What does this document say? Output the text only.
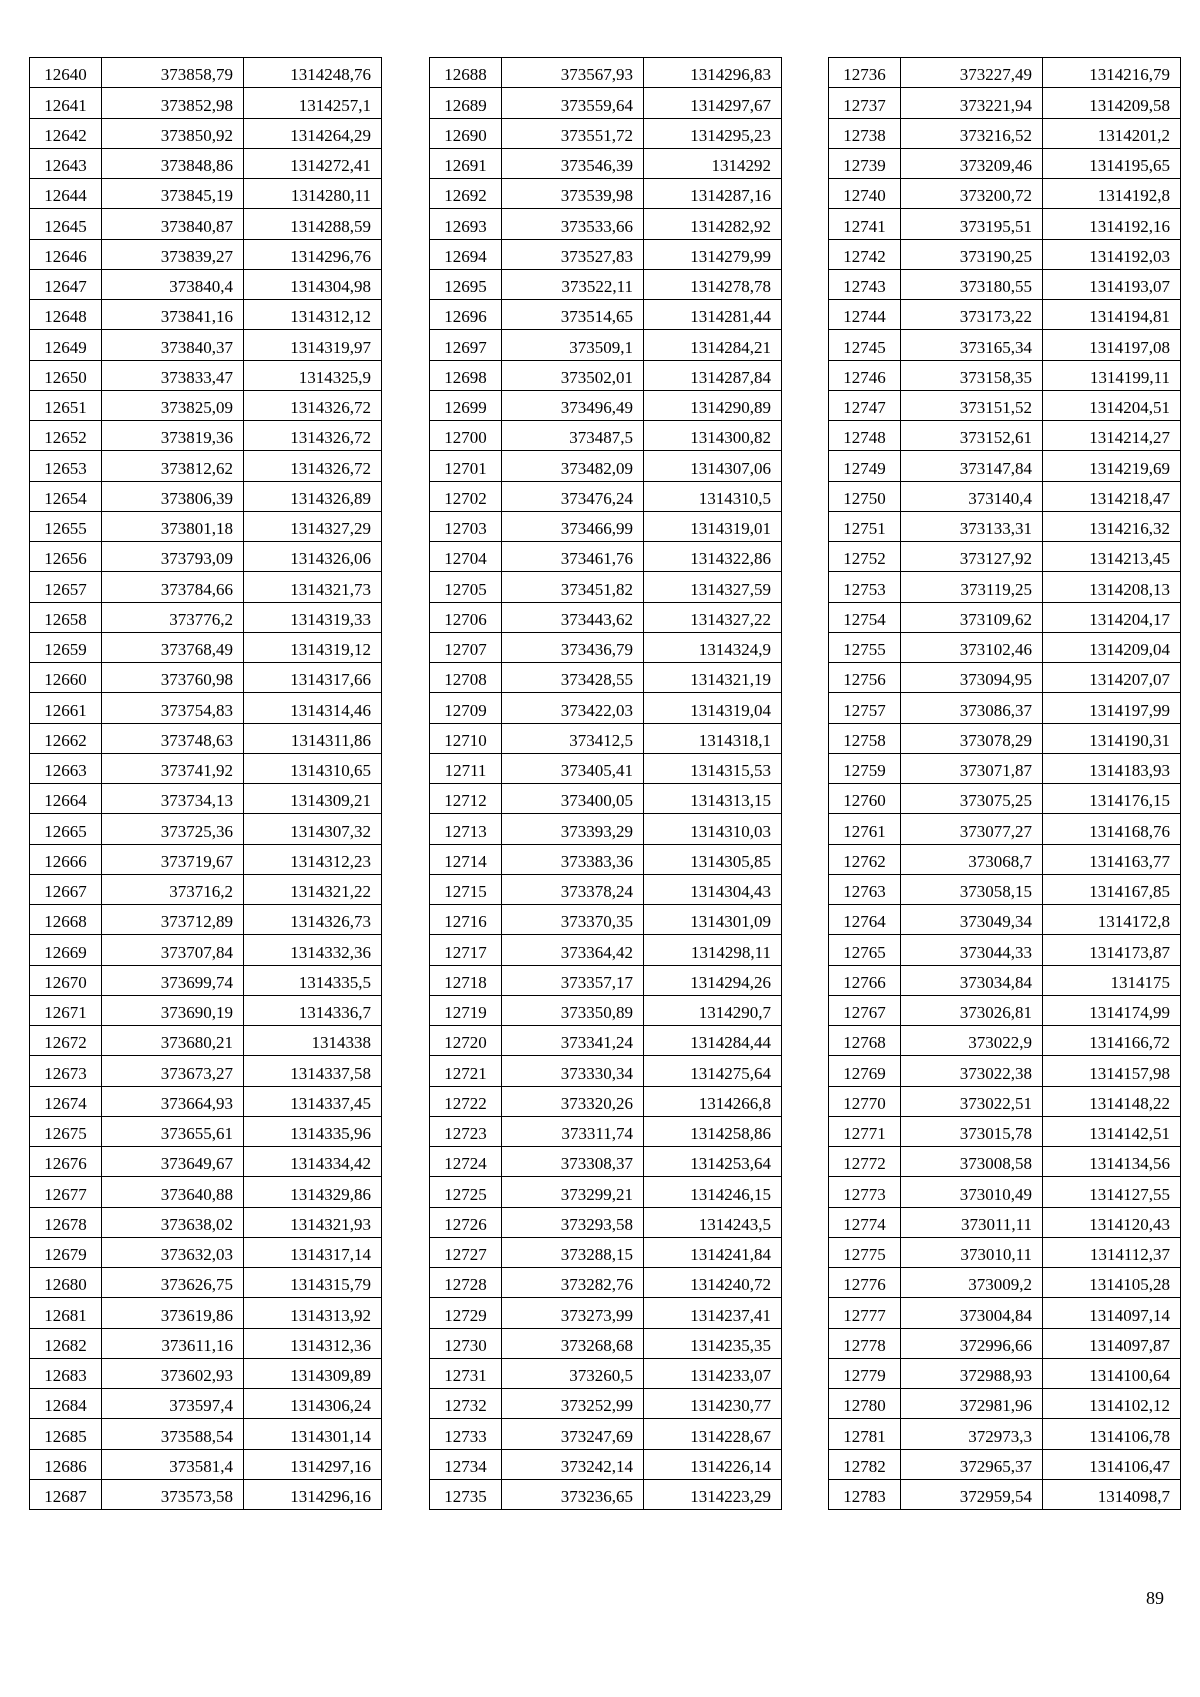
12640	373858,79	1314248,76
12641	373852,98	1314257,1
12642	373850,92	1314264,29
12643	373848,86	1314272,41
12644	373845,19	1314280,11
12645	373840,87	1314288,59
12646	373839,27	1314296,76
12647	373840,4	1314304,98
12648	373841,16	1314312,12
12649	373840,37	1314319,97
12650	373833,47	1314325,9
12651	373825,09	1314326,72
12652	373819,36	1314326,72
12653	373812,62	1314326,72
12654	373806,39	1314326,89
12655	373801,18	1314327,29
12656	373793,09	1314326,06
12657	373784,66	1314321,73
12658	373776,2	1314319,33
12659	373768,49	1314319,12
12660	373760,98	1314317,66
12661	373754,83	1314314,46
12662	373748,63	1314311,86
12663	373741,92	1314310,65
12664	373734,13	1314309,21
12665	373725,36	1314307,32
12666	373719,67	1314312,23
12667	373716,2	1314321,22
12668	373712,89	1314326,73
12669	373707,84	1314332,36
12670	373699,74	1314335,5
12671	373690,19	1314336,7
12672	373680,21	1314338
12673	373673,27	1314337,58
12674	373664,93	1314337,45
12675	373655,61	1314335,96
12676	373649,67	1314334,42
12677	373640,88	1314329,86
12678	373638,02	1314321,93
12679	373632,03	1314317,14
12680	373626,75	1314315,79
12681	373619,86	1314313,92
12682	373611,16	1314312,36
12683	373602,93	1314309,89
12684	373597,4	1314306,24
12685	373588,54	1314301,14
12686	373581,4	1314297,16
12687	373573,58	1314296,16
12688	373567,93	1314296,83
12689	373559,64	1314297,67
12690	373551,72	1314295,23
12691	373546,39	1314292
12692	373539,98	1314287,16
12693	373533,66	1314282,92
12694	373527,83	1314279,99
12695	373522,11	1314278,78
12696	373514,65	1314281,44
12697	373509,1	1314284,21
12698	373502,01	1314287,84
12699	373496,49	1314290,89
12700	373487,5	1314300,82
12701	373482,09	1314307,06
12702	373476,24	1314310,5
12703	373466,99	1314319,01
12704	373461,76	1314322,86
12705	373451,82	1314327,59
12706	373443,62	1314327,22
12707	373436,79	1314324,9
12708	373428,55	1314321,19
12709	373422,03	1314319,04
12710	373412,5	1314318,1
12711	373405,41	1314315,53
12712	373400,05	1314313,15
12713	373393,29	1314310,03
12714	373383,36	1314305,85
12715	373378,24	1314304,43
12716	373370,35	1314301,09
12717	373364,42	1314298,11
12718	373357,17	1314294,26
12719	373350,89	1314290,7
12720	373341,24	1314284,44
12721	373330,34	1314275,64
12722	373320,26	1314266,8
12723	373311,74	1314258,86
12724	373308,37	1314253,64
12725	373299,21	1314246,15
12726	373293,58	1314243,5
12727	373288,15	1314241,84
12728	373282,76	1314240,72
12729	373273,99	1314237,41
12730	373268,68	1314235,35
12731	373260,5	1314233,07
12732	373252,99	1314230,77
12733	373247,69	1314228,67
12734	373242,14	1314226,14
12735	373236,65	1314223,29
12736	373227,49	1314216,79
12737	373221,94	1314209,58
12738	373216,52	1314201,2
12739	373209,46	1314195,65
12740	373200,72	1314192,8
12741	373195,51	1314192,16
12742	373190,25	1314192,03
12743	373180,55	1314193,07
12744	373173,22	1314194,81
12745	373165,34	1314197,08
12746	373158,35	1314199,11
12747	373151,52	1314204,51
12748	373152,61	1314214,27
12749	373147,84	1314219,69
12750	373140,4	1314218,47
12751	373133,31	1314216,32
12752	373127,92	1314213,45
12753	373119,25	1314208,13
12754	373109,62	1314204,17
12755	373102,46	1314209,04
12756	373094,95	1314207,07
12757	373086,37	1314197,99
12758	373078,29	1314190,31
12759	373071,87	1314183,93
12760	373075,25	1314176,15
12761	373077,27	1314168,76
12762	373068,7	1314163,77
12763	373058,15	1314167,85
12764	373049,34	1314172,8
12765	373044,33	1314173,87
12766	373034,84	1314175
12767	373026,81	1314174,99
12768	373022,9	1314166,72
12769	373022,38	1314157,98
12770	373022,51	1314148,22
12771	373015,78	1314142,51
12772	373008,58	1314134,56
12773	373010,49	1314127,55
12774	373011,11	1314120,43
12775	373010,11	1314112,37
12776	373009,2	1314105,28
12777	373004,84	1314097,14
12778	372996,66	1314097,87
12779	372988,93	1314100,64
12780	372981,96	1314102,12
12781	372973,3	1314106,78
12782	372965,37	1314106,47
12783	372959,54	1314098,7
89
